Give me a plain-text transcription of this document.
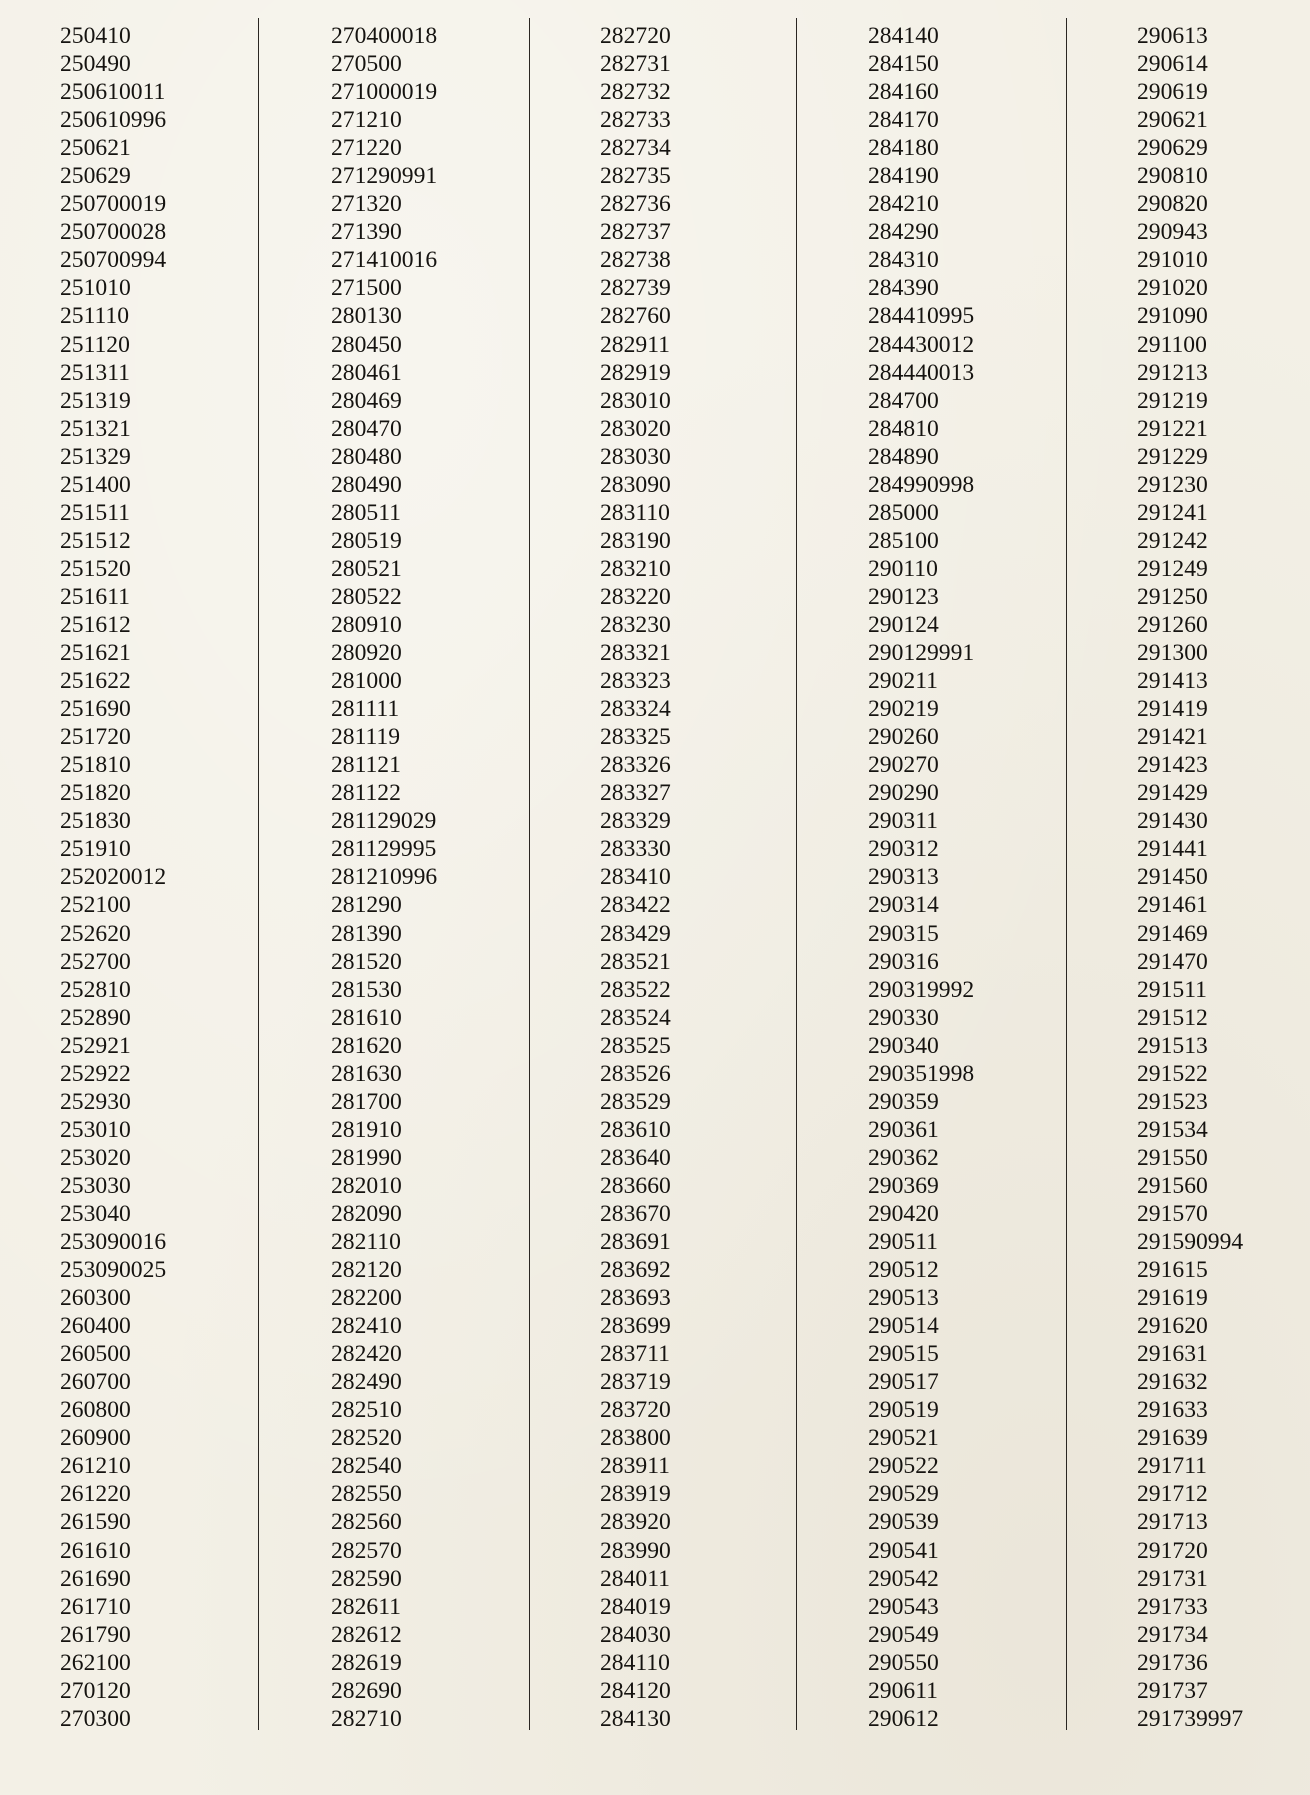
250410
250490
250610011
250610996
250621
250629
250700019
250700028
250700994
251010
251110
251120
251311
251319
251321
251329
251400
251511
251512
251520
251611
251612
251621
251622
251690
251720
251810
251820
251830
251910
252020012
252100
252620
252700
252810
252890
252921
252922
252930
253010
253020
253030
253040
253090016
253090025
260300
260400
260500
260700
260800
260900
261210
261220
261590
261610
261690
261710
261790
262100
270120
270300
270400018
270500
271000019
271210
271220
271290991
271320
271390
271410016
271500
280130
280450
280461
280469
280470
280480
280490
280511
280519
280521
280522
280910
280920
281000
281111
281119
281121
281122
281129029
281129995
281210996
281290
281390
281520
281530
281610
281620
281630
281700
281910
281990
282010
282090
282110
282120
282200
282410
282420
282490
282510
282520
282540
282550
282560
282570
282590
282611
282612
282619
282690
282710
282720
282731
282732
282733
282734
282735
282736
282737
282738
282739
282760
282911
282919
283010
283020
283030
283090
283110
283190
283210
283220
283230
283321
283323
283324
283325
283326
283327
283329
283330
283410
283422
283429
283521
283522
283524
283525
283526
283529
283610
283640
283660
283670
283691
283692
283693
283699
283711
283719
283720
283800
283911
283919
283920
283990
284011
284019
284030
284110
284120
284130
284140
284150
284160
284170
284180
284190
284210
284290
284310
284390
284410995
284430012
284440013
284700
284810
284890
284990998
285000
285100
290110
290123
290124
290129991
290211
290219
290260
290270
290290
290311
290312
290313
290314
290315
290316
290319992
290330
290340
290351998
290359
290361
290362
290369
290420
290511
290512
290513
290514
290515
290517
290519
290521
290522
290529
290539
290541
290542
290543
290549
290550
290611
290612
290613
290614
290619
290621
290629
290810
290820
290943
291010
291020
291090
291100
291213
291219
291221
291229
291230
291241
291242
291249
291250
291260
291300
291413
291419
291421
291423
291429
291430
291441
291450
291461
291469
291470
291511
291512
291513
291522
291523
291534
291550
291560
291570
291590994
291615
291619
291620
291631
291632
291633
291639
291711
291712
291713
291720
291731
291733
291734
291736
291737
291739997
